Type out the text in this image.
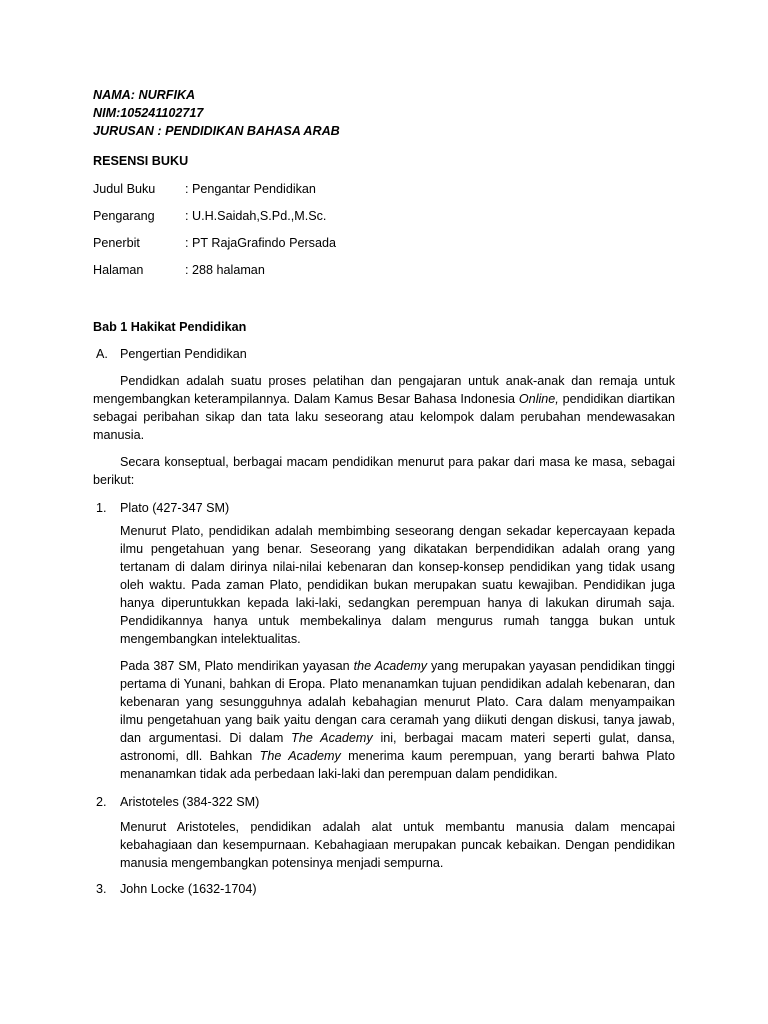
NAMA: NURFIKA

NIM:105241102717

JURUSAN : PENDIDIKAN BAHASA ARAB

RESENSI BUKU
Judul Buku	: Pengantar Pendidikan
Pengarang	: U.H.Saidah,S.Pd.,M.Sc.
Penerbit	: PT RajaGrafindo Persada
Halaman	: 288 halaman
Bab 1 Hakikat Pendidikan
A. Pengertian Pendidikan

Pendidkan adalah suatu proses pelatihan dan pengajaran untuk anak-anak dan remaja untuk mengembangkan keterampilannya. Dalam Kamus Besar Bahasa Indonesia Online, pendidikan diartikan sebagai peribahan sikap dan tata laku seseorang atau kelompok dalam perubahan mendewasakan manusia.

Secara konseptual, berbagai macam pendidikan menurut para pakar dari masa ke masa, sebagai berikut:

1. Plato (427-347 SM)

Menurut Plato, pendidikan adalah membimbing seseorang dengan sekadar kepercayaan kepada ilmu pengetahuan yang benar. Seseorang yang dikatakan berpendidikan adalah orang yang tertanam di dalam dirinya nilai-nilai kebenaran dan konsep-konsep pendidikan yang tidak usang oleh waktu. Pada zaman Plato, pendidikan bukan merupakan suatu kewajiban. Pendidikan juga hanya diperuntukkan kepada laki-laki, sedangkan perempuan hanya di lakukan dirumah saja. Pendidikannya hanya untuk membekalinya dalam mengurus rumah tangga bukan untuk mengembangkan intelektualitas.

Pada 387 SM, Plato mendirikan yayasan the Academy yang merupakan yayasan pendidikan tinggi pertama di Yunani, bahkan di Eropa. Plato menanamkan tujuan pendidikan adalah kebenaran, dan kebenaran yang sesungguhnya adalah kebahagian menurut Plato. Cara dalam menyampaikan ilmu pengetahuan yang baik yaitu dengan cara ceramah yang diikuti dengan diskusi, tanya jawab, dan argumentasi. Di dalam The Academy ini, berbagai macam materi seperti gulat, dansa, astronomi, dll. Bahkan The Academy menerima kaum perempuan, yang berarti bahwa Plato menanamkan tidak ada perbedaan laki-laki dan perempuan dalam pendidikan.

2. Aristoteles (384-322 SM)

Menurut Aristoteles, pendidikan adalah alat untuk membantu manusia dalam mencapai kebahagiaan dan kesempurnaan. Kebahagiaan merupakan puncak kebaikan. Dengan pendidikan manusia mengembangkan potensinya menjadi sempurna.

3. John Locke (1632-1704)
